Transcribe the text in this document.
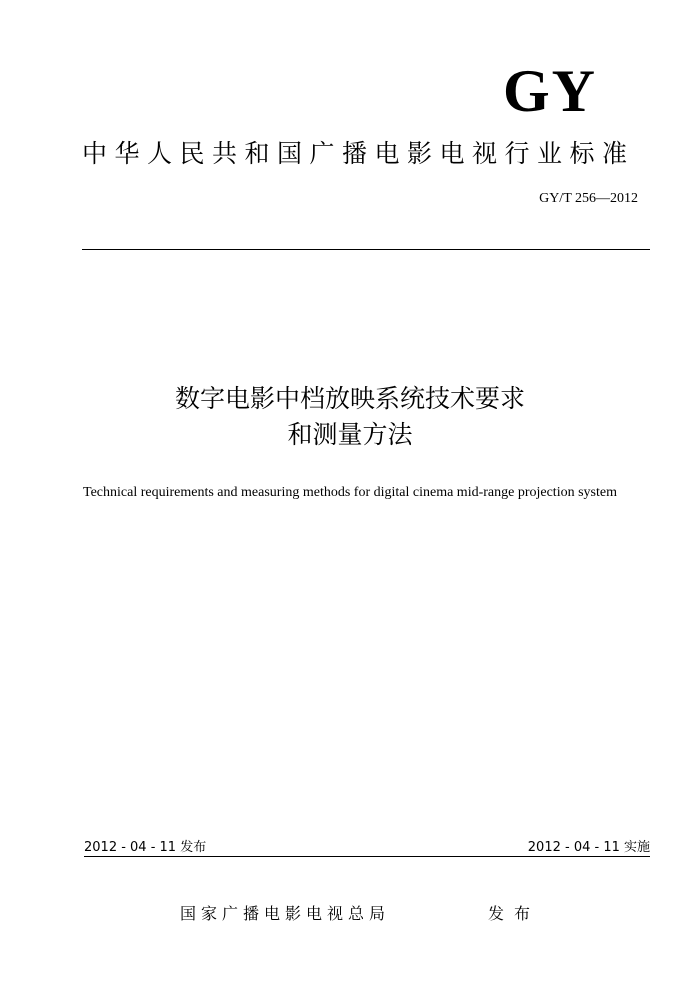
GY
中华人民共和国广播电影电视行业标准
GY/T 256—2012
数字电影中档放映系统技术要求
和测量方法
Technical requirements and measuring methods for digital cinema mid-range projection system
2012 - 04 - 11 发布	2012 - 04 - 11 实施
国家广播电影电视总局	发布
